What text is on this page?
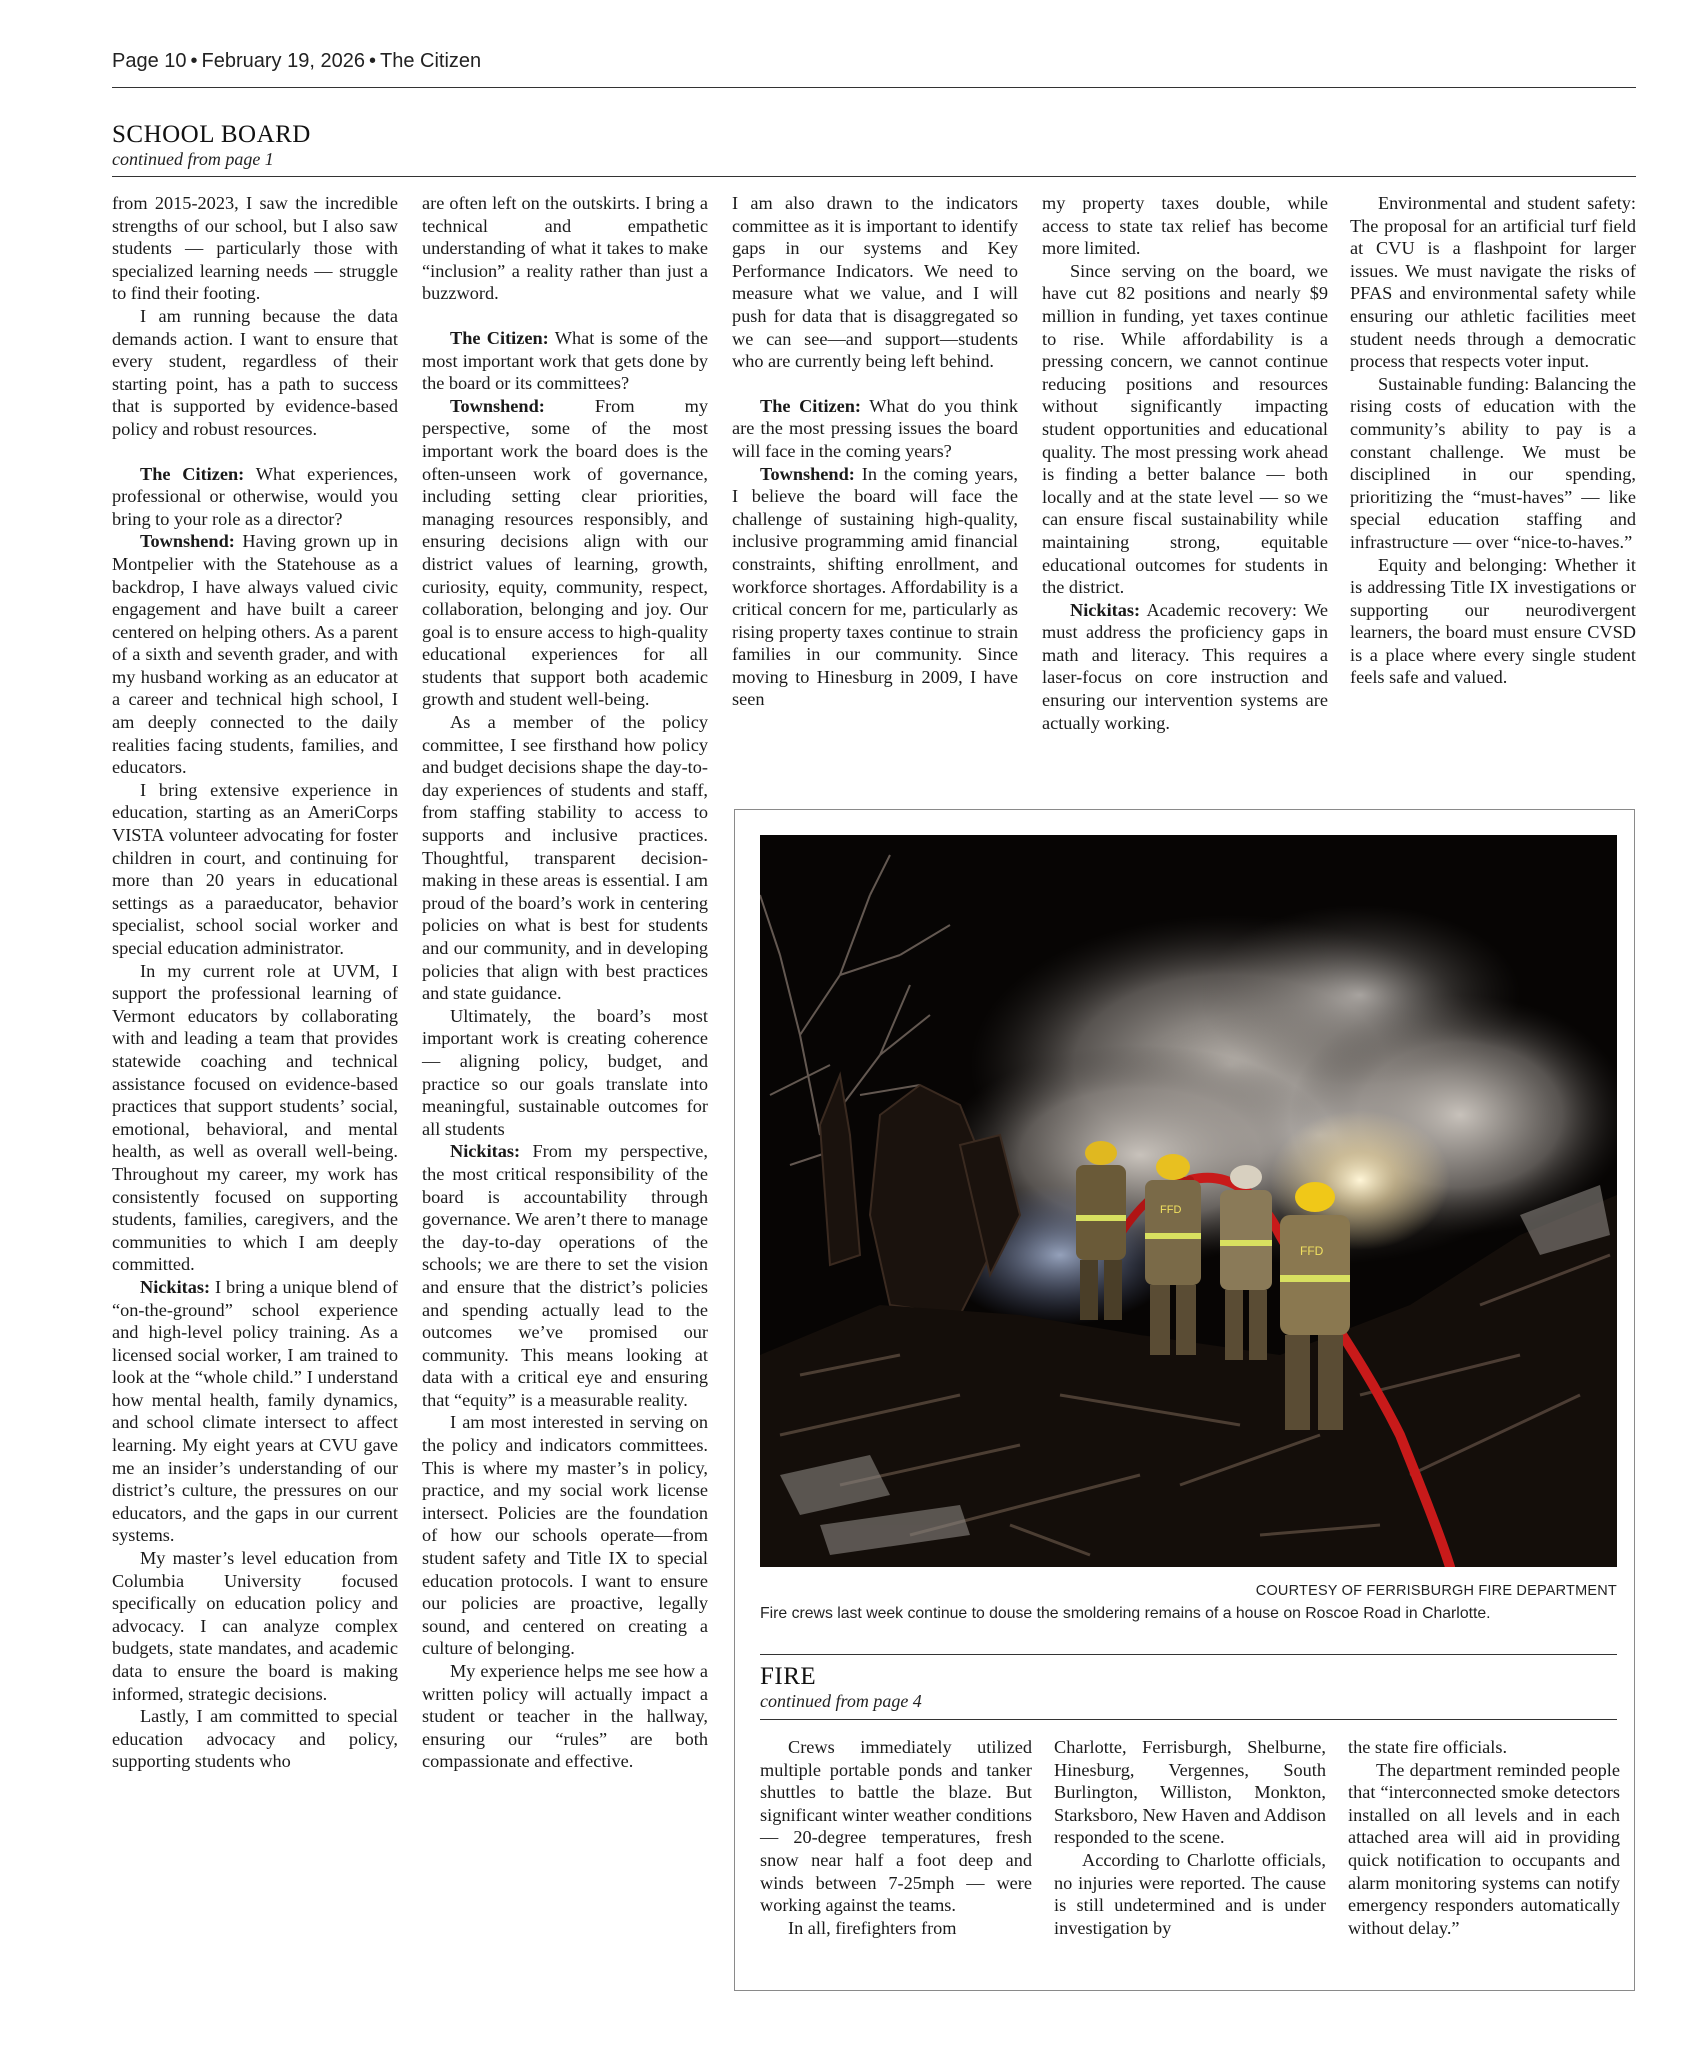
Page 10 • February 19, 2026 • The Citizen
SCHOOL BOARD
continued from page 1

from 2015-2023, I saw the incredible strengths of our school, but I also saw students — particularly those with specialized learning needs — struggle to find their footing.

I am running because the data demands action. I want to ensure that every student, regardless of their starting point, has a path to success that is supported by evidence-based policy and robust resources.

The Citizen: What experiences, professional or otherwise, would you bring to your role as a director?

Townshend: Having grown up in Montpelier with the Statehouse as a backdrop, I have always valued civic engagement and have built a career centered on helping others. As a parent of a sixth and seventh grader, and with my husband working as an educator at a career and technical high school, I am deeply connected to the daily realities facing students, families, and educators.

I bring extensive experience in education, starting as an AmeriCorps VISTA volunteer advocating for foster children in court, and continuing for more than 20 years in educational settings as a paraeducator, behavior specialist, school social worker and special education administrator.

In my current role at UVM, I support the professional learning of Vermont educators by collaborating with and leading a team that provides statewide coaching and technical assistance focused on evidence-based practices that support students’ social, emotional, behavioral, and mental health, as well as overall well-being. Throughout my career, my work has consistently focused on supporting students, families, caregivers, and the communities to which I am deeply committed.

Nickitas: I bring a unique blend of “on-the-ground” school experience and high-level policy training. As a licensed social worker, I am trained to look at the “whole child.” I understand how mental health, family dynamics, and school climate intersect to affect learning. My eight years at CVU gave me an insider’s understanding of our district’s culture, the pressures on our educators, and the gaps in our current systems.

My master’s level education from Columbia University focused specifically on education policy and advocacy. I can analyze complex budgets, state mandates, and academic data to ensure the board is making informed, strategic decisions.

Lastly, I am committed to special education advocacy and policy, supporting students who

are often left on the outskirts. I bring a technical and empathetic understanding of what it takes to make “inclusion” a reality rather than just a buzzword.

The Citizen: What is some of the most important work that gets done by the board or its committees?

Townshend: From my perspective, some of the most important work the board does is the often-unseen work of governance, including setting clear priorities, managing resources responsibly, and ensuring decisions align with our district values of learning, growth, curiosity, equity, community, respect, collaboration, belonging and joy. Our goal is to ensure access to high-quality educational experiences for all students that support both academic growth and student well-being.

As a member of the policy committee, I see firsthand how policy and budget decisions shape the day-to-day experiences of students and staff, from staffing stability to access to supports and inclusive practices. Thoughtful, transparent decision-making in these areas is essential. I am proud of the board’s work in centering policies on what is best for students and our community, and in developing policies that align with best practices and state guidance.

Ultimately, the board’s most important work is creating coherence — aligning policy, budget, and practice so our goals translate into meaningful, sustainable outcomes for all students

Nickitas: From my perspective, the most critical responsibility of the board is accountability through governance. We aren’t there to manage the day-to-day operations of the schools; we are there to set the vision and ensure that the district’s policies and spending actually lead to the outcomes we’ve promised our community. This means looking at data with a critical eye and ensuring that “equity” is a measurable reality.

I am most interested in serving on the policy and indicators committees. This is where my master’s in policy, practice, and my social work license intersect. Policies are the foundation of how our schools operate—from student safety and Title IX to special education protocols. I want to ensure our policies are proactive, legally sound, and centered on creating a culture of belonging.

My experience helps me see how a written policy will actually impact a student or teacher in the hallway, ensuring our “rules” are both compassionate and effective.

I am also drawn to the indicators committee as it is important to identify gaps in our systems and Key Performance Indicators. We need to measure what we value, and I will push for data that is disaggregated so we can see—and support—students who are currently being left behind.

The Citizen: What do you think are the most pressing issues the board will face in the coming years?

Townshend: In the coming years, I believe the board will face the challenge of sustaining high-quality, inclusive programming amid financial constraints, shifting enrollment, and workforce shortages. Affordability is a critical concern for me, particularly as rising property taxes continue to strain families in our community. Since moving to Hinesburg in 2009, I have seen

my property taxes double, while access to state tax relief has become more limited.

Since serving on the board, we have cut 82 positions and nearly $9 million in funding, yet taxes continue to rise. While affordability is a pressing concern, we cannot continue reducing positions and resources without significantly impacting student opportunities and educational quality. The most pressing work ahead is finding a better balance — both locally and at the state level — so we can ensure fiscal sustainability while maintaining strong, equitable educational outcomes for students in the district.

Nickitas: Academic recovery: We must address the proficiency gaps in math and literacy. This requires a laser-focus on core instruction and ensuring our intervention systems are actually working.

Environmental and student safety: The proposal for an artificial turf field at CVU is a flashpoint for larger issues. We must navigate the risks of PFAS and environmental safety while ensuring our athletic facilities meet student needs through a democratic process that respects voter input.

Sustainable funding: Balancing the rising costs of education with the community’s ability to pay is a constant challenge. We must be disciplined in our spending, prioritizing the “must-haves” — like special education staffing and infrastructure — over “nice-to-haves.”

Equity and belonging: Whether it is addressing Title IX investigations or supporting our neurodivergent learners, the board must ensure CVSD is a place where every single student feels safe and valued.

FFD
FFD
COURTESY OF FERRISBURGH FIRE DEPARTMENT
Fire crews last week continue to douse the smoldering remains of a house on Roscoe Road in Charlotte.
FIRE
continued from page 4

Crews immediately utilized multiple portable ponds and tanker shuttles to battle the blaze. But significant winter weather conditions — 20-degree temperatures, fresh snow near half a foot deep and winds between 7-25mph — were working against the teams.

In all, firefighters from

Charlotte, Ferrisburgh, Shelburne, Hinesburg, Vergennes, South Burlington, Williston, Monkton, Starksboro, New Haven and Addison responded to the scene.

According to Charlotte officials, no injuries were reported. The cause is still undetermined and is under investigation by

the state fire officials.

The department reminded people that “interconnected smoke detectors installed on all levels and in each attached area will aid in providing quick notification to occupants and alarm monitoring systems can notify emergency responders automatically without delay.”
